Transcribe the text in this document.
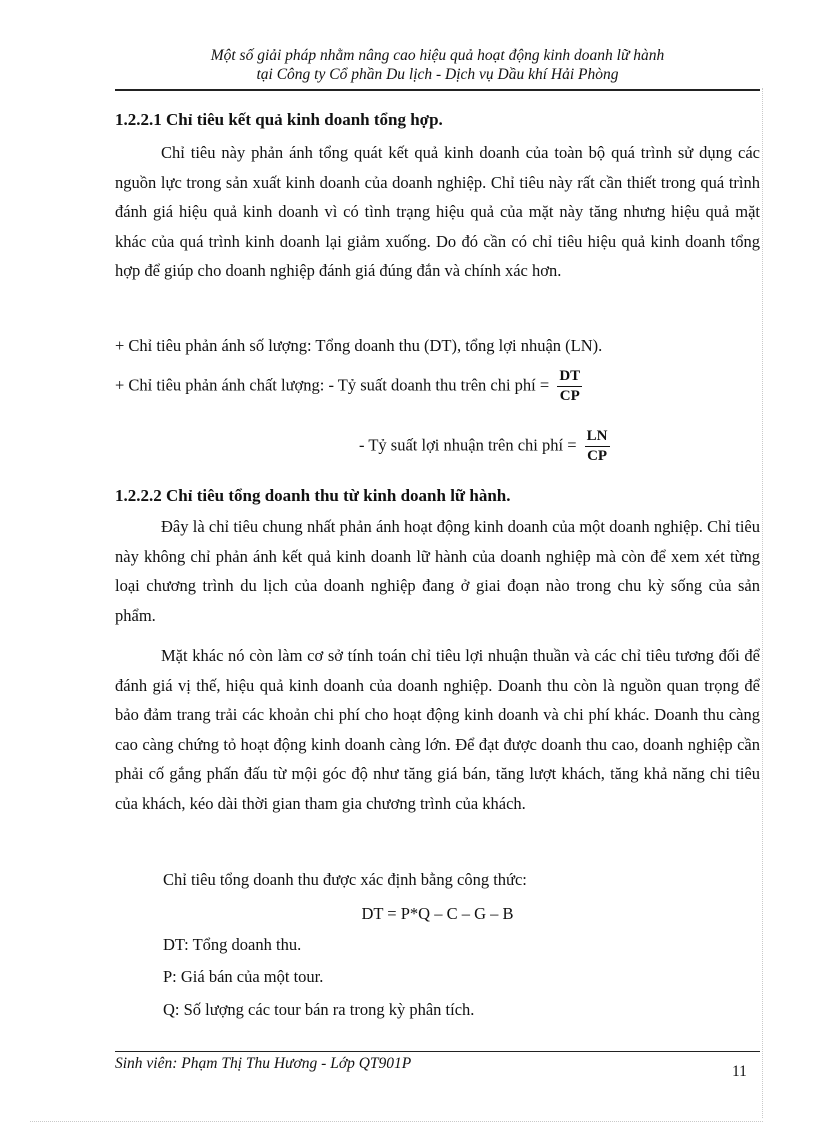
Một số giải pháp nhằm nâng cao hiệu quả hoạt động kinh doanh lữ hành
tại Công ty Cổ phần Du lịch - Dịch vụ Dầu khí Hải Phòng
1.2.2.1 Chỉ tiêu kết quả kinh doanh tổng hợp.
Chỉ tiêu này phản ánh tổng quát kết quả kinh doanh của toàn bộ quá trình sử dụng các nguồn lực trong sản xuất kinh doanh của doanh nghiệp. Chỉ tiêu này rất cần thiết trong quá trình đánh giá hiệu quả kinh doanh vì có tình trạng hiệu quả của mặt này tăng nhưng hiệu quả mặt khác của quá trình kinh doanh lại giảm xuống. Do đó cần có chỉ tiêu hiệu quả kinh doanh tổng hợp để giúp cho doanh nghiệp đánh giá đúng đắn và chính xác hơn.
+ Chỉ tiêu phản ánh số lượng: Tổng doanh thu (DT), tổng lợi nhuận (LN).
+ Chỉ tiêu phản ánh chất lượng: - Tỷ suất doanh thu trên chi phí = $\frac{DT}{CP}$
- Tỷ suất lợi nhuận trên chi phí = $\frac{LN}{CP}$
1.2.2.2 Chỉ tiêu tổng doanh thu từ kinh doanh lữ hành.
Đây là chỉ tiêu chung nhất phản ánh hoạt động kinh doanh của một doanh nghiệp. Chỉ tiêu này không chỉ phản ánh kết quả kinh doanh lữ hành của doanh nghiệp mà còn để xem xét từng loại chương trình du lịch của doanh nghiệp đang ở giai đoạn nào trong chu kỳ sống của sản phẩm.
Mặt khác nó còn làm cơ sở tính toán chỉ tiêu lợi nhuận thuần và các chỉ tiêu tương đối để đánh giá vị thế, hiệu quả kinh doanh của doanh nghiệp. Doanh thu còn là nguồn quan trọng để bảo đảm trang trải các khoản chi phí cho hoạt động kinh doanh và chi phí khác. Doanh thu càng cao càng chứng tỏ hoạt động kinh doanh càng lớn. Để đạt được doanh thu cao, doanh nghiệp cần phải cố gắng phấn đấu từ mội góc độ như tăng giá bán, tăng lượt khách, tăng khả năng chi tiêu của khách, kéo dài thời gian tham gia chương trình của khách.
Chỉ tiêu tổng doanh thu được xác định bằng công thức:
DT = P*Q – C – G – B
DT: Tổng doanh thu.
P: Giá bán của một tour.
Q: Số lượng các tour bán ra trong kỳ phân tích.
Sinh viên: Phạm Thị Thu Hương - Lớp QT901P	11
